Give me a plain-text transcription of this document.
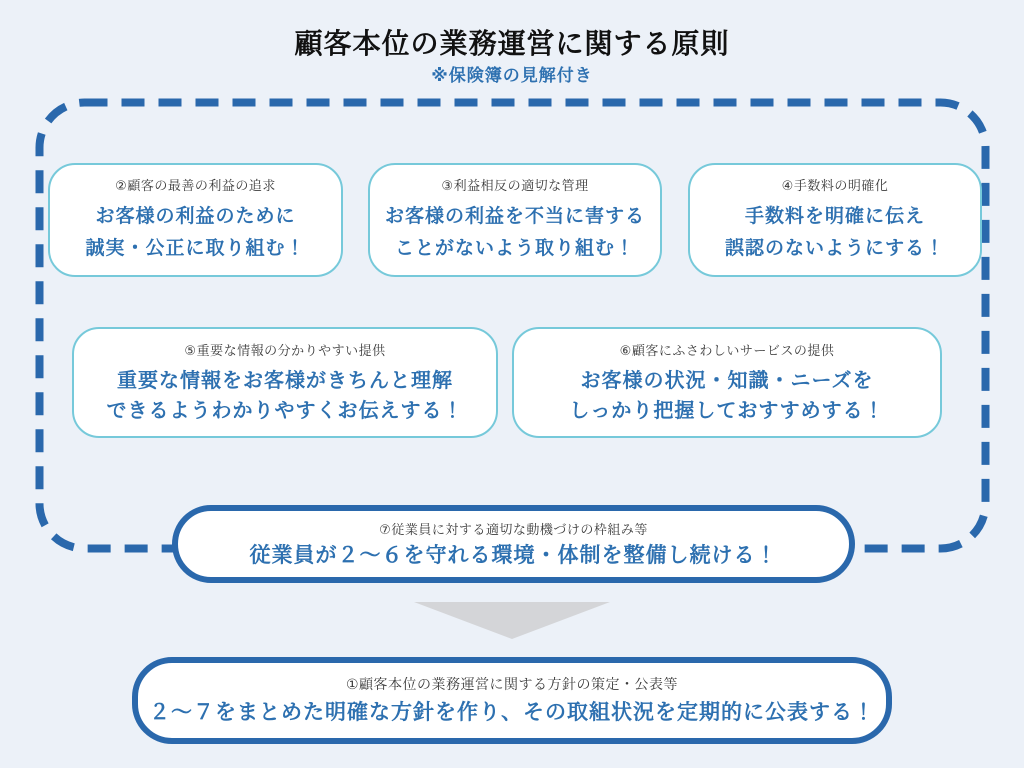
顧客本位の業務運営に関する原則
※保険簿の見解付き
②顧客の最善の利益の追求
お客様の利益のために
誠実・公正に取り組む！
③利益相反の適切な管理
お客様の利益を不当に害する
ことがないよう取り組む！
④手数料の明確化
手数料を明確に伝え
誤認のないようにする！
⑤重要な情報の分かりやすい提供
重要な情報をお客様がきちんと理解
できるようわかりやすくお伝えする！
⑥顧客にふさわしいサービスの提供
お客様の状況・知識・ニーズを
しっかり把握しておすすめする！
⑦従業員に対する適切な動機づけの枠組み等
従業員が２～６を守れる環境・体制を整備し続ける！
①顧客本位の業務運営に関する方針の策定・公表等
２～７をまとめた明確な方針を作り、その取組状況を定期的に公表する！
